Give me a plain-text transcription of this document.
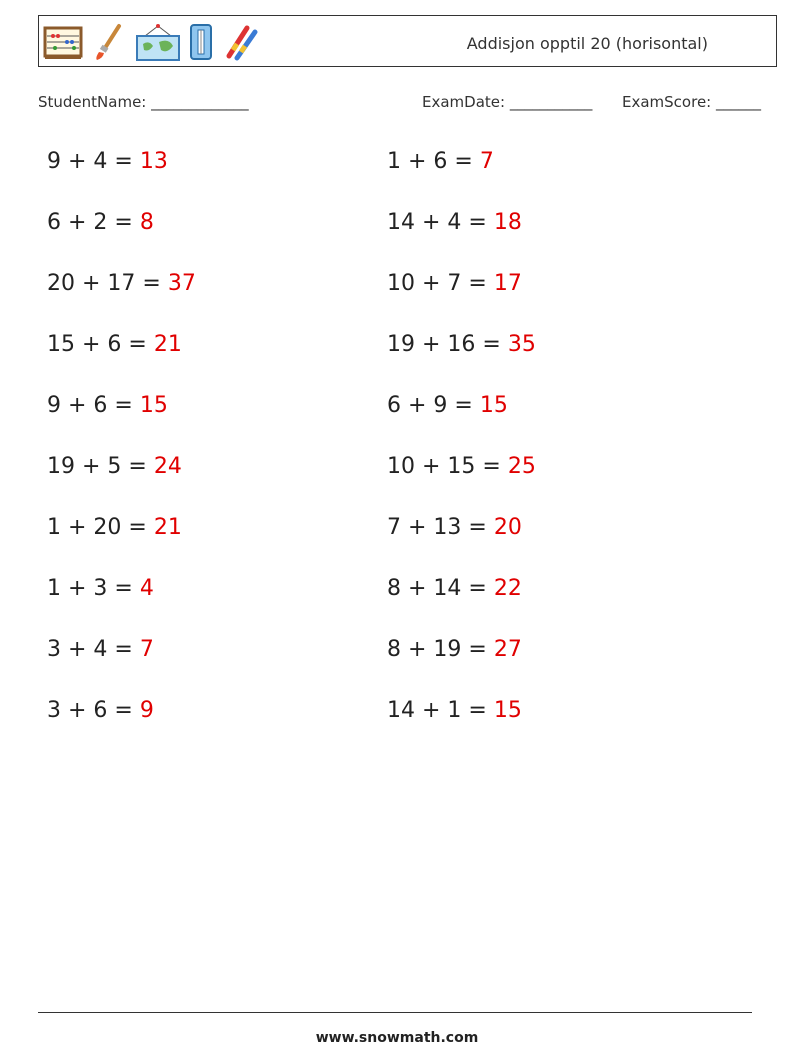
Addisjon opptil 20 (horisontal)
StudentName: _____________	ExamDate: ___________ ExamScore: ______
9 + 4 = 13	1 + 6 = 7
6 + 2 = 8	14 + 4 = 18
20 + 17 = 37	10 + 7 = 17
15 + 6 = 21	19 + 16 = 35
9 + 6 = 15	6 + 9 = 15
19 + 5 = 24	10 + 15 = 25
1 + 20 = 21	7 + 13 = 20
1 + 3 = 4	8 + 14 = 22
3 + 4 = 7	8 + 19 = 27
3 + 6 = 9	14 + 1 = 15
www.snowmath.com
